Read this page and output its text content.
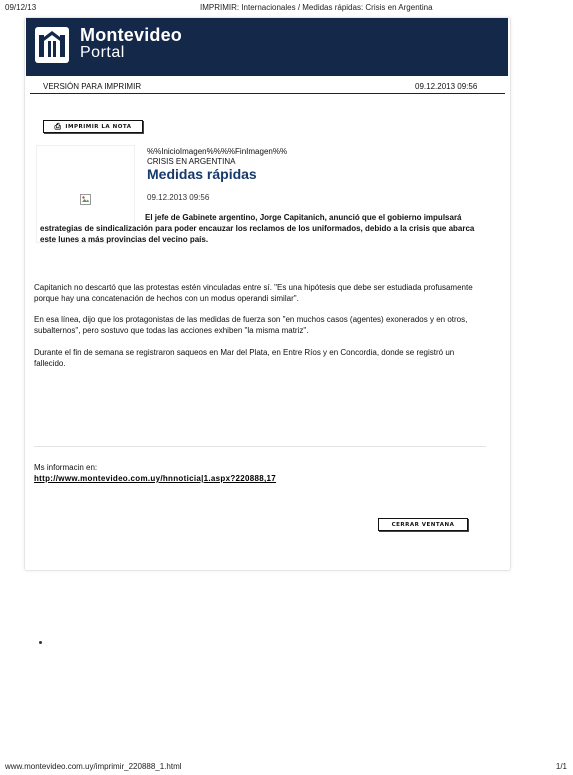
09/12/13	IMPRIMIR: Internacionales / Medidas rápidas: Crisis en Argentina
Montevideo
Portal
VERSIÓN PARA IMPRIMIR	09.12.2013 09:56
⎙ IMPRIMIR LA NOTA
%%InicioImagen%%%%FinImagen%%
CRISIS EN ARGENTINA
Medidas rápidas
09.12.2013 09:56
El jefe de Gabinete argentino, Jorge Capitanich, anunció que el gobierno impulsará estrategias de sindicalización para poder encauzar los reclamos de los uniformados, debido a la crisis que abarca este lunes a más provincias del vecino país.
Capitanich no descartó que las protestas estén vinculadas entre sí. "Es una hipótesis que debe ser estudiada profusamente porque hay una concatenación de hechos con un modus operandi similar".
En esa línea, dijo que los protagonistas de las medidas de fuerza son "en muchos casos (agentes) exonerados y en otros, subalternos", pero sostuvo que todas las acciones exhiben "la misma matriz".
Durante el fin de semana se registraron saqueos en Mar del Plata, en Entre Ríos y en Concordia, donde se registró un fallecido.
Ms informacin en:
http://www.montevideo.com.uy/hnnoticia|1.aspx?220888,17
CERRAR VENTANA
www.montevideo.com.uy/imprimir_220888_1.html	1/1
